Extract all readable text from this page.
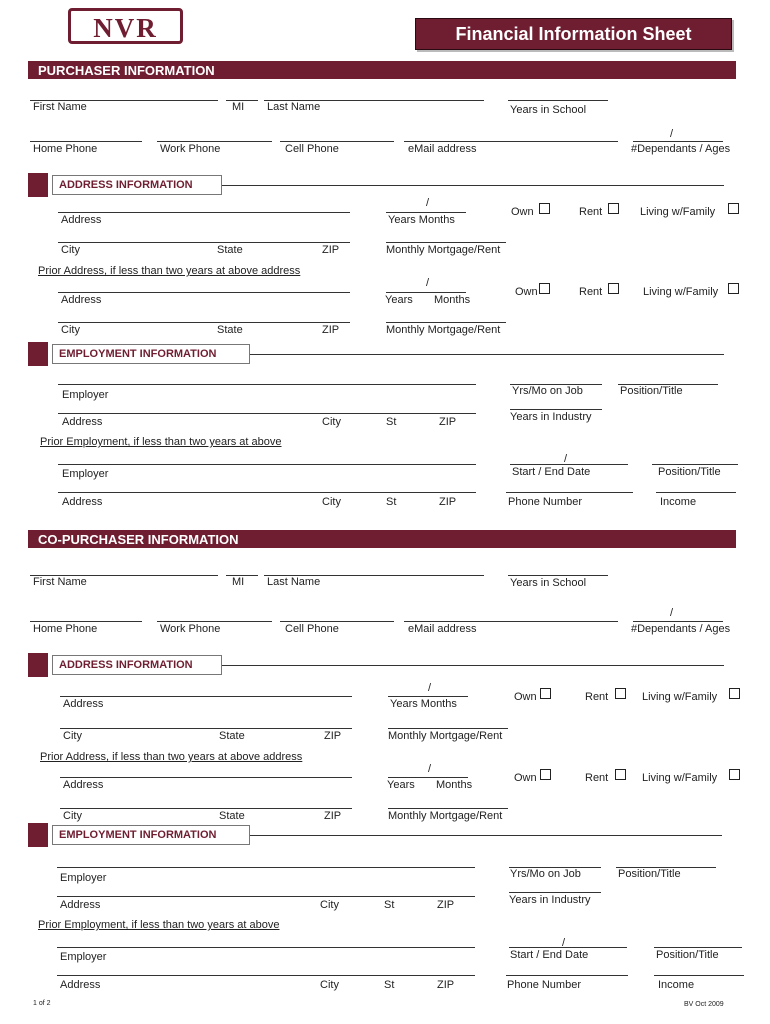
NVR	Financial Information Sheet
PURCHASER INFORMATION
First Name	MI Last Name	Years in School
/
Home Phone	Work Phone	Cell Phone	eMail address	#Dependants / Ages
ADDRESS INFORMATION
/
Address	Years Months
Own	Rent	Living w/Family
City	State	ZIP	Monthly Mortgage/Rent
Prior Address, if less than two years at above address
/
Address	Years Months
Own	Rent	Living w/Family
City	State	ZIP	Monthly Mortgage/Rent
EMPLOYMENT INFORMATION
Employer	Yrs/Mo on Job	Position/Title
Address	City	St	ZIP	Years in Industry
Prior Employment, if less than two years at above
/
Employer	Start / End Date	Position/Title
Address	City	St	ZIP	Phone Number	Income
CO-PURCHASER INFORMATION
First Name	MI Last Name	Years in School
/
Home Phone	Work Phone	Cell Phone	eMail address	#Dependants / Ages
ADDRESS INFORMATION
/
Address	Years Months
Own	Rent	Living w/Family
City	State	ZIP	Monthly Mortgage/Rent
Prior Address, if less than two years at above address
/
Address	Years Months
Own	Rent	Living w/Family
City	State	ZIP	Monthly Mortgage/Rent
EMPLOYMENT INFORMATION
Employer	Yrs/Mo on Job	Position/Title
Address	City	St	ZIP	Years in Industry
Prior Employment, if less than two years at above
/
Employer	Start / End Date	Position/Title
Address	City	St	ZIP	Phone Number	Income
1 of 2	BV Oct 2009
